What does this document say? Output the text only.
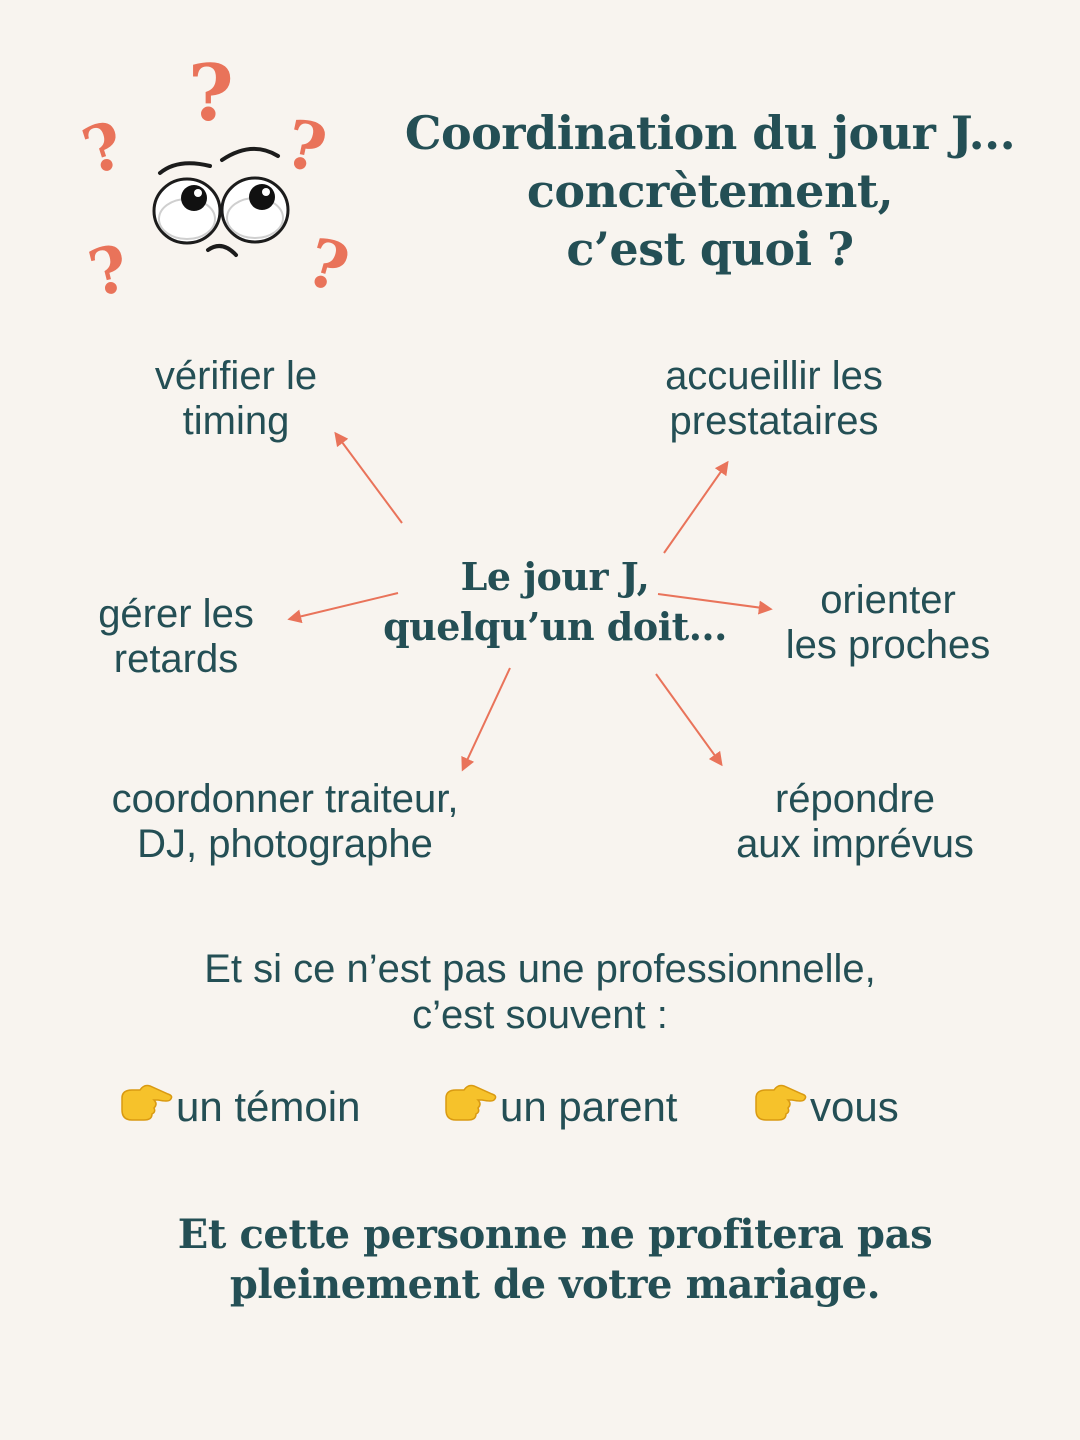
?
? ?
? ?
Coordination du jour J...
concrètement,
c’est quoi ?
Le jour J,
quelqu’un doit...
vérifier le
timing
accueillir les
prestataires
gérer les
retards
orienter
les proches
coordonner traiteur,
DJ, photographe
répondre
aux imprévus
Et si ce n’est pas une professionnelle,
c’est souvent :
un témoin	un parent	vous
Et cette personne ne profitera pas
pleinement de votre mariage.
